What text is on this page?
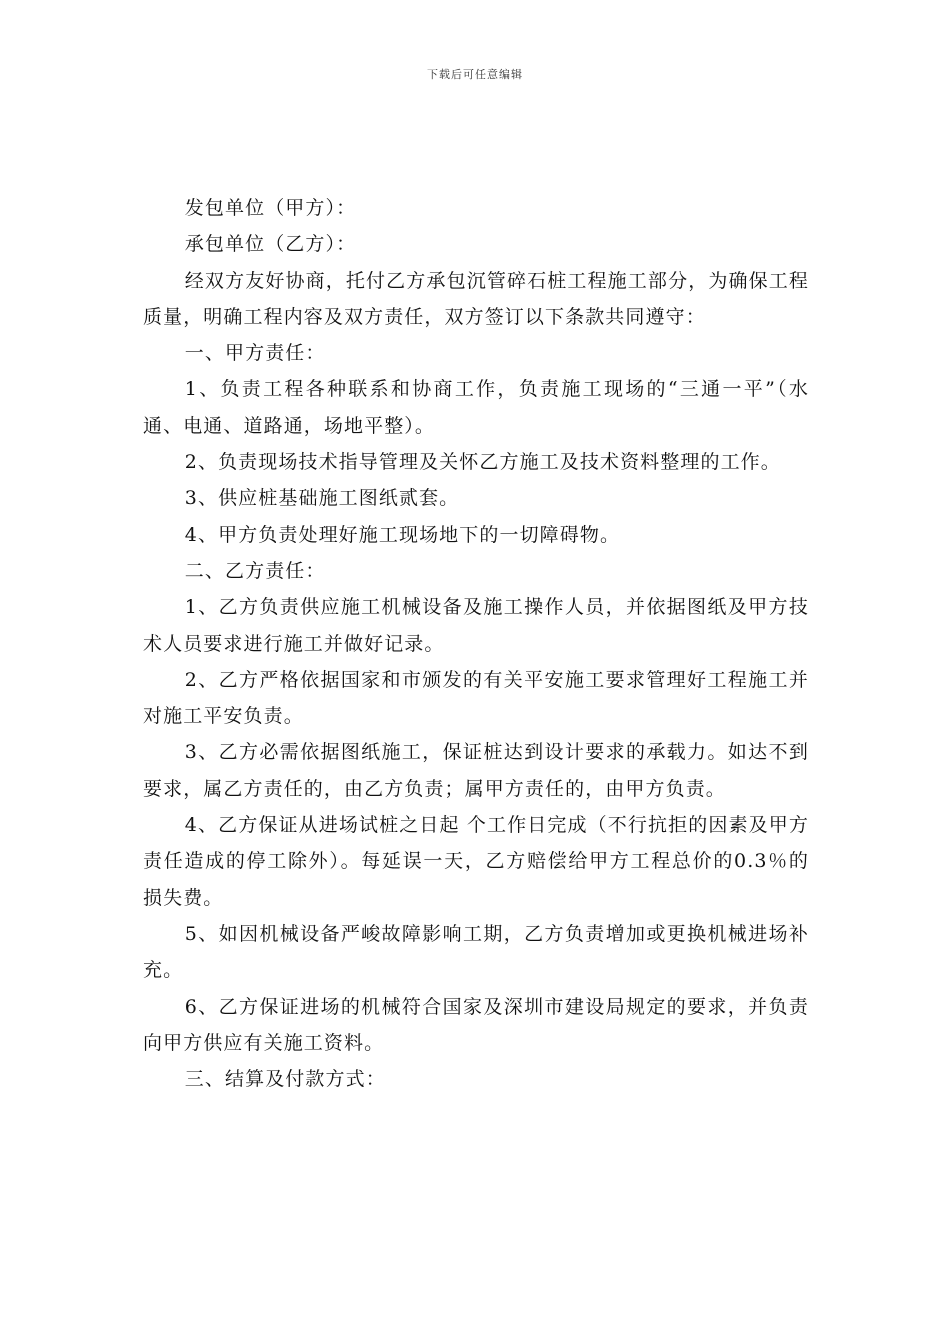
下载后可任意编辑

发包单位（甲方）：

承包单位（乙方）：

经双方友好协商，托付乙方承包沉管碎石桩工程施工部分，为确保工程质量，明确工程内容及双方责任，双方签订以下条款共同遵守：

一、甲方责任：

1、负责工程各种联系和协商工作，负责施工现场的“三通一平”（水通、电通、道路通，场地平整）。

2、负责现场技术指导管理及关怀乙方施工及技术资料整理的工作。

3、供应桩基础施工图纸贰套。

4、甲方负责处理好施工现场地下的一切障碍物。

二、乙方责任：

1、乙方负责供应施工机械设备及施工操作人员，并依据图纸及甲方技术人员要求进行施工并做好记录。

2、乙方严格依据国家和市颁发的有关平安施工要求管理好工程施工并对施工平安负责。

3、乙方必需依据图纸施工，保证桩达到设计要求的承载力。如达不到要求，属乙方责任的，由乙方负责；属甲方责任的，由甲方负责。

4、乙方保证从进场试桩之日起 个工作日完成（不行抗拒的因素及甲方责任造成的停工除外）。每延误一天，乙方赔偿给甲方工程总价的0.3％的损失费。

5、如因机械设备严峻故障影响工期，乙方负责增加或更换机械进场补充。

6、乙方保证进场的机械符合国家及深圳市建设局规定的要求，并负责向甲方供应有关施工资料。

三、结算及付款方式：
